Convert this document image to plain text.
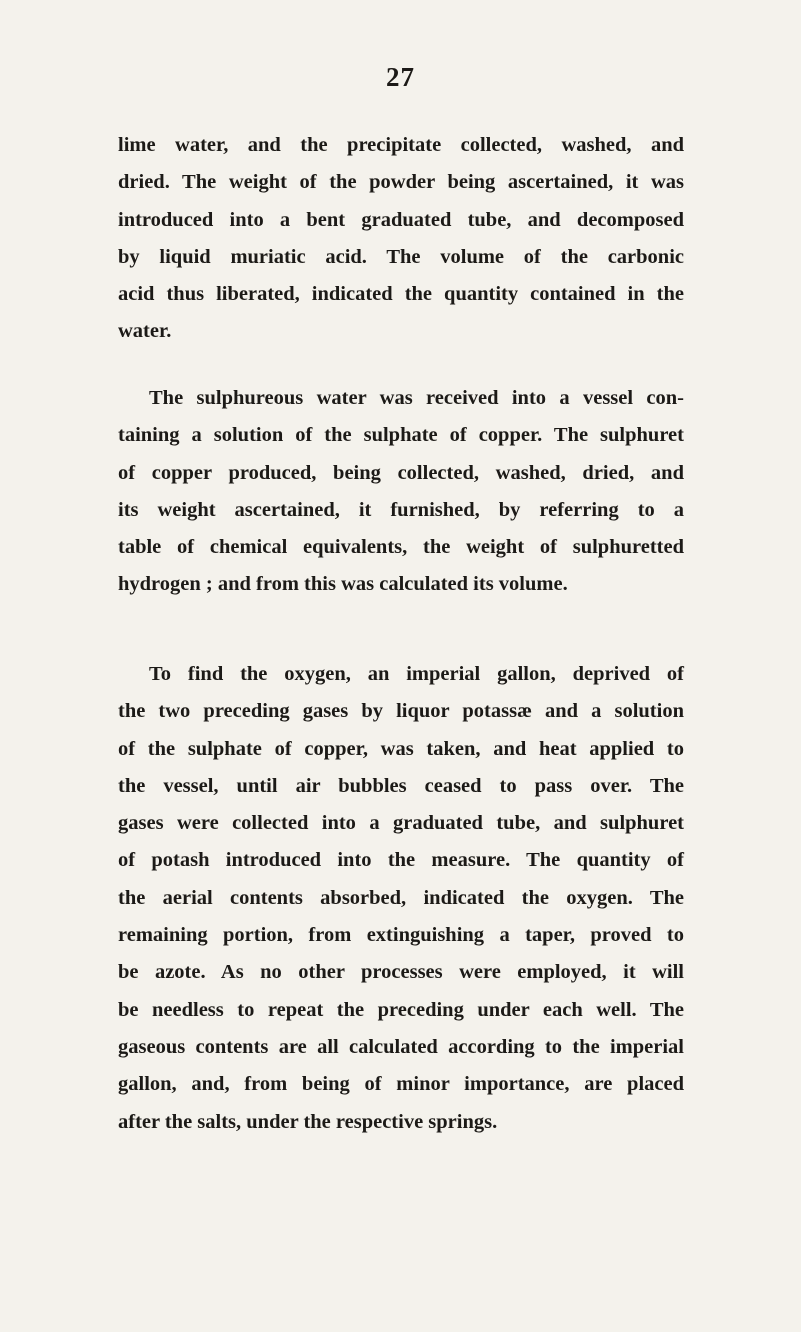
27
lime water, and the precipitate collected, washed, and
dried. The weight of the powder being ascertained, it was
introduced into a bent graduated tube, and decomposed
by liquid muriatic acid. The volume of the carbonic
acid thus liberated, indicated the quantity contained in the
water.
The sulphureous water was received into a vessel con-
taining a solution of the sulphate of copper. The sulphuret
of copper produced, being collected, washed, dried, and
its weight ascertained, it furnished, by referring to a
table of chemical equivalents, the weight of sulphuretted
hydrogen ; and from this was calculated its volume.
To find the oxygen, an imperial gallon, deprived of
the two preceding gases by liquor potassæ and a solution
of the sulphate of copper, was taken, and heat applied to
the vessel, until air bubbles ceased to pass over. The
gases were collected into a graduated tube, and sulphuret
of potash introduced into the measure. The quantity of
the aerial contents absorbed, indicated the oxygen. The
remaining portion, from extinguishing a taper, proved to
be azote. As no other processes were employed, it will
be needless to repeat the preceding under each well. The
gaseous contents are all calculated according to the imperial
gallon, and, from being of minor importance, are placed
after the salts, under the respective springs.
